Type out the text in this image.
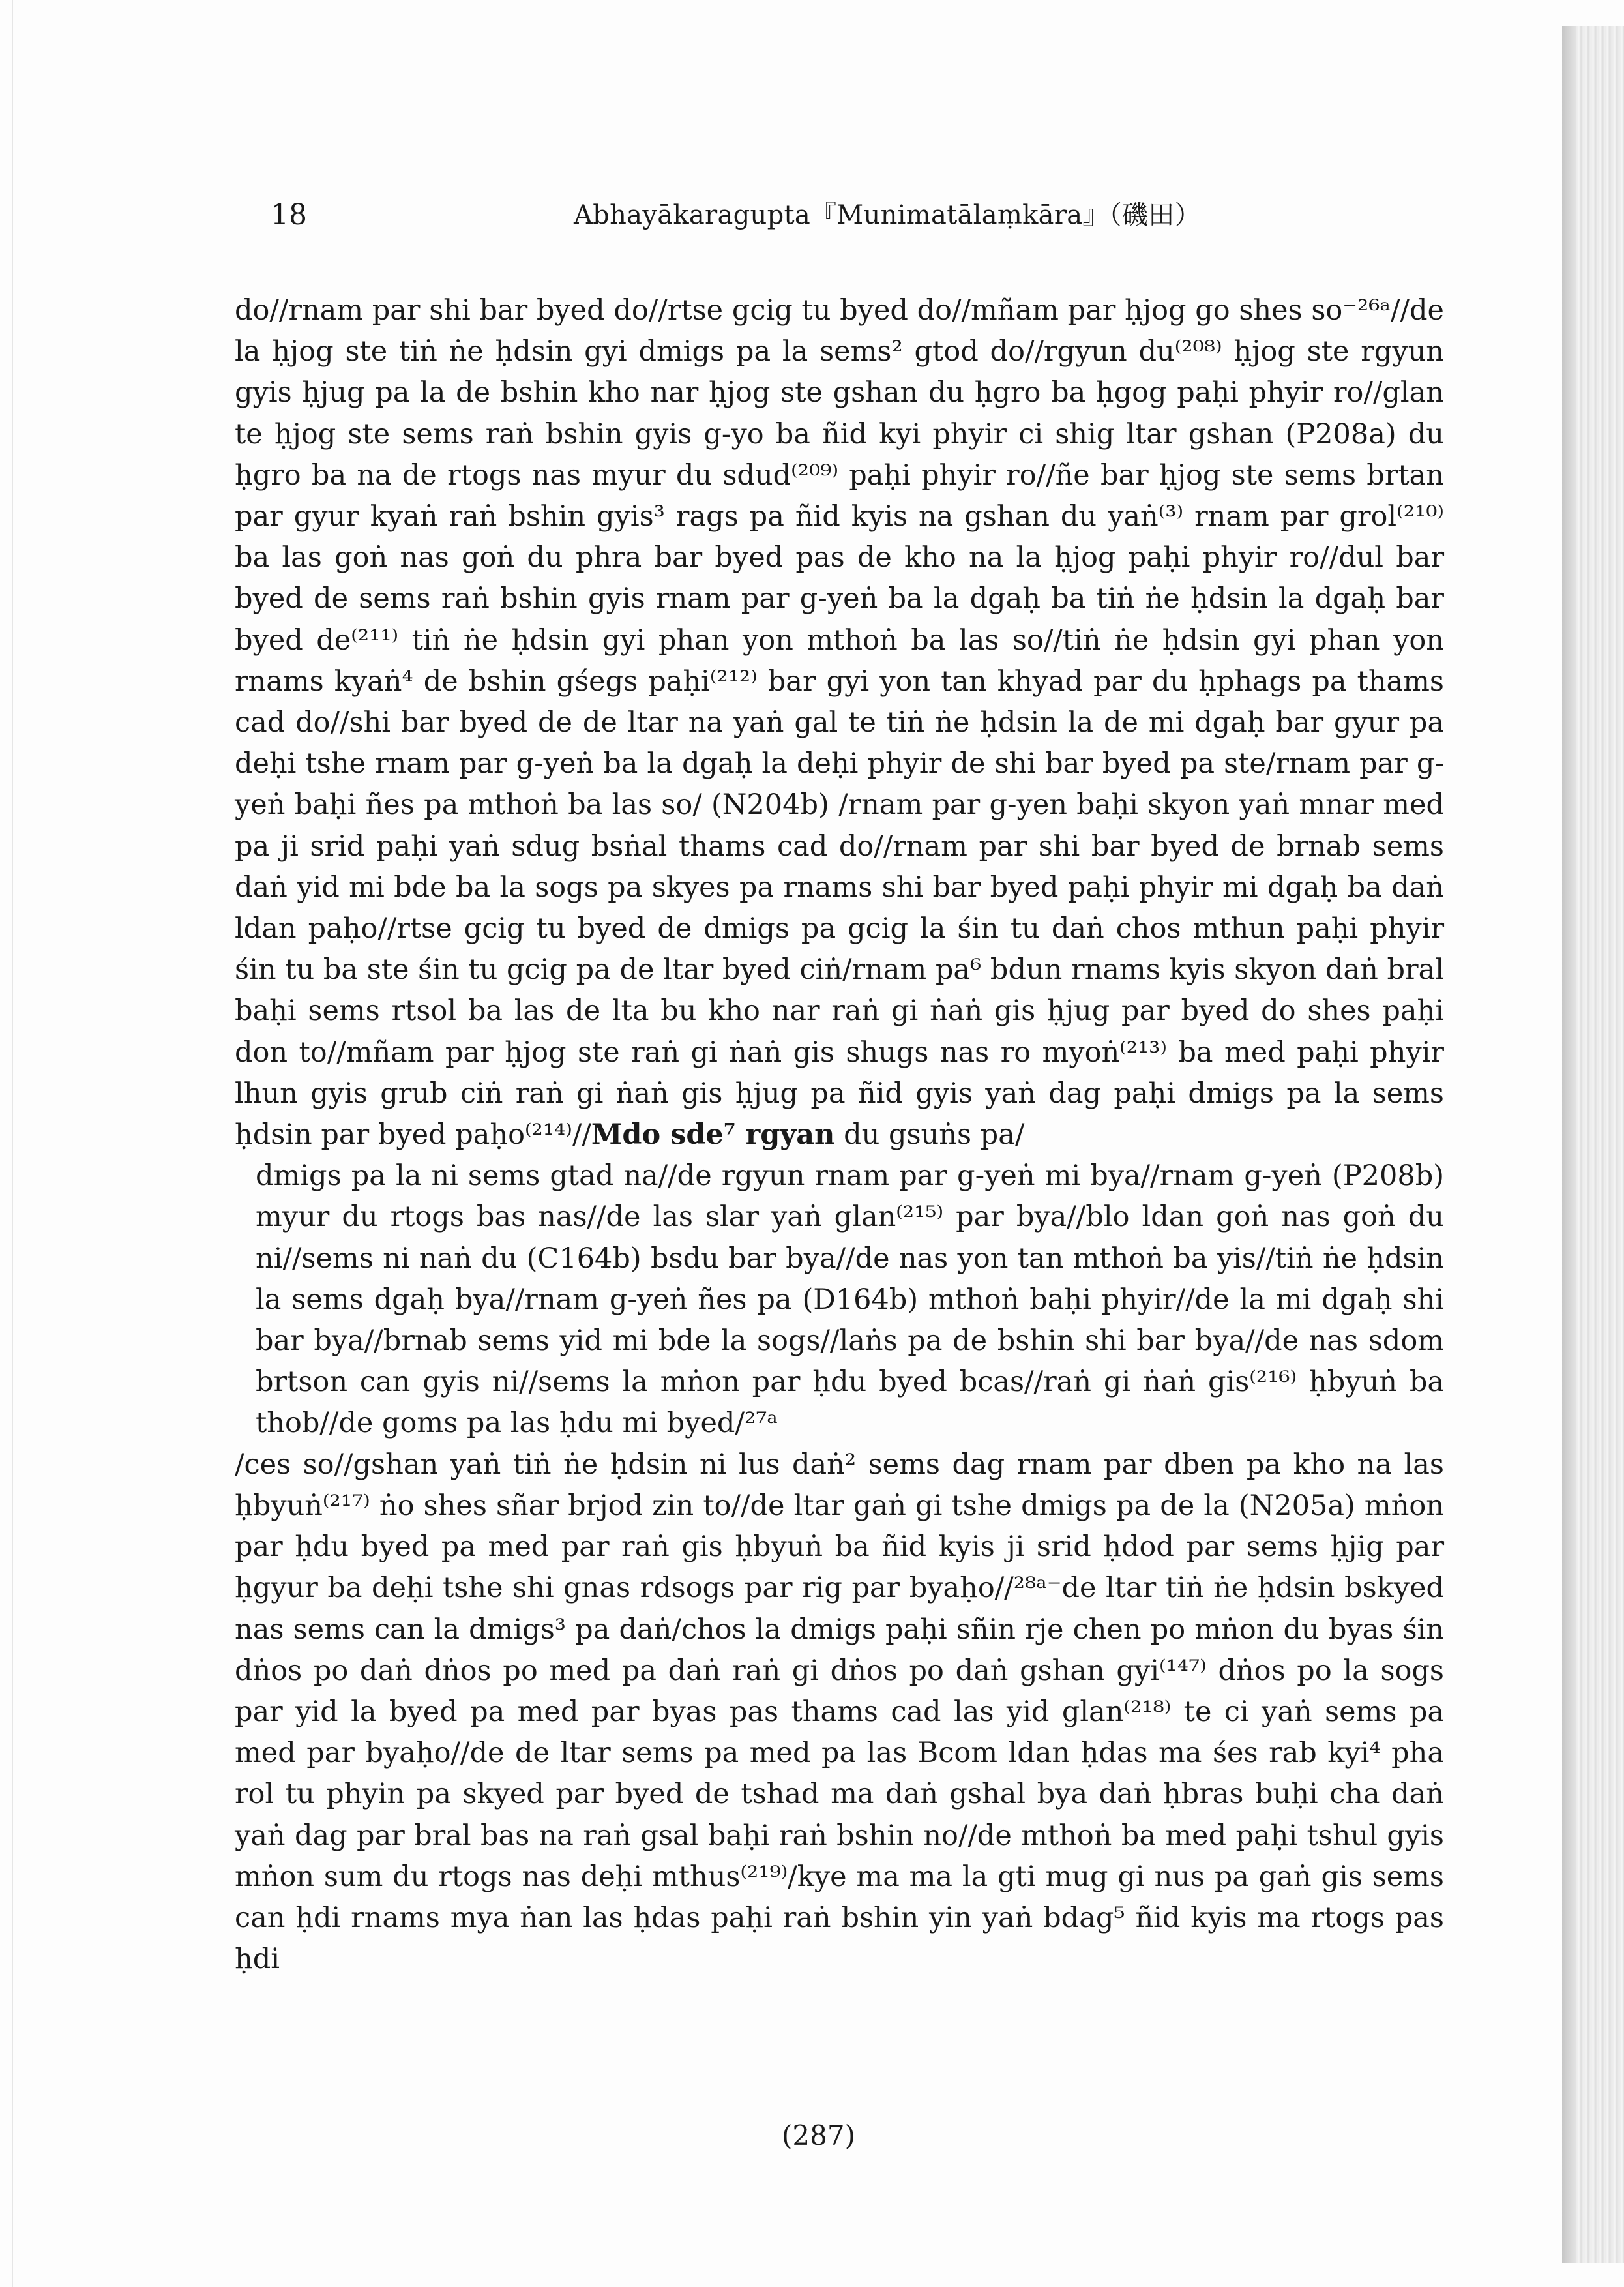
18	Abhayākaragupta『Munimatālaṃkāra』（磯田）

do//rnam par shi bar byed do//rtse gcig tu byed do//mñam par ḥjog go shes so⁻²⁶ᵃ//de la ḥjog ste tiṅ ṅe ḥdsin gyi dmigs pa la sems² gtod do//rgyun du⁽²⁰⁸⁾ ḥjog ste rgyun gyis ḥjug pa la de bshin kho nar ḥjog ste gshan du ḥgro ba ḥgog paḥi phyir ro//glan te ḥjog ste sems raṅ bshin gyis g-yo ba ñid kyi phyir ci shig ltar gshan (P208a) du ḥgro ba na de rtogs nas myur du sdud⁽²⁰⁹⁾ paḥi phyir ro//ñe bar ḥjog ste sems brtan par gyur kyaṅ raṅ bshin gyis³ rags pa ñid kyis na gshan du yaṅ⁽³⁾ rnam par grol⁽²¹⁰⁾ ba las goṅ nas goṅ du phra bar byed pas de kho na la ḥjog paḥi phyir ro//dul bar byed de sems raṅ bshin gyis rnam par g-yeṅ ba la dgaḥ ba tiṅ ṅe ḥdsin la dgaḥ bar byed de⁽²¹¹⁾ tiṅ ṅe ḥdsin gyi phan yon mthoṅ ba las so//tiṅ ṅe ḥdsin gyi phan yon rnams kyaṅ⁴ de bshin gśegs paḥi⁽²¹²⁾ bar gyi yon tan khyad par du ḥphags pa thams cad do//shi bar byed de de ltar na yaṅ gal te tiṅ ṅe ḥdsin la de mi dgaḥ bar gyur pa deḥi tshe rnam par g-yeṅ ba la dgaḥ la deḥi phyir de shi bar byed pa ste/rnam par g-yeṅ baḥi ñes pa mthoṅ ba las so/ (N204b) /rnam par g-yen baḥi skyon yaṅ mnar med pa ji srid paḥi yaṅ sdug bsṅal thams cad do//rnam par shi bar byed de brnab sems daṅ yid mi bde ba la sogs pa skyes pa rnams shi bar byed paḥi phyir mi dgaḥ ba daṅ ldan paḥo//rtse gcig tu byed de dmigs pa gcig la śin tu daṅ chos mthun paḥi phyir śin tu ba ste śin tu gcig pa de ltar byed ciṅ/rnam pa⁶ bdun rnams kyis skyon daṅ bral baḥi sems rtsol ba las de lta bu kho nar raṅ gi ṅaṅ gis ḥjug par byed do shes paḥi don to//mñam par ḥjog ste raṅ gi ṅaṅ gis shugs nas ro myoṅ⁽²¹³⁾ ba med paḥi phyir lhun gyis grub ciṅ raṅ gi ṅaṅ gis ḥjug pa ñid gyis yaṅ dag paḥi dmigs pa la sems ḥdsin par byed paḥo⁽²¹⁴⁾//Mdo sde⁷ rgyan du gsuṅs pa/

dmigs pa la ni sems gtad na//de rgyun rnam par g-yeṅ mi bya//rnam g-yeṅ (P208b) myur du rtogs bas nas//de las slar yaṅ glan⁽²¹⁵⁾ par bya//blo ldan goṅ nas goṅ du ni//sems ni naṅ du (C164b) bsdu bar bya//de nas yon tan mthoṅ ba yis//tiṅ ṅe ḥdsin la sems dgaḥ bya//rnam g-yeṅ ñes pa (D164b) mthoṅ baḥi phyir//de la mi dgaḥ shi bar bya//brnab sems yid mi bde la sogs//laṅs pa de bshin shi bar bya//de nas sdom brtson can gyis ni//sems la mṅon par ḥdu byed bcas//raṅ gi ṅaṅ gis⁽²¹⁶⁾ ḥbyuṅ ba thob//de goms pa las ḥdu mi byed/²⁷ᵃ

/ces so//gshan yaṅ tiṅ ṅe ḥdsin ni lus daṅ² sems dag rnam par dben pa kho na las ḥbyuṅ⁽²¹⁷⁾ ṅo shes sñar brjod zin to//de ltar gaṅ gi tshe dmigs pa de la (N205a) mṅon par ḥdu byed pa med par raṅ gis ḥbyuṅ ba ñid kyis ji srid ḥdod par sems ḥjig par ḥgyur ba deḥi tshe shi gnas rdsogs par rig par byaḥo//²⁸ᵃ⁻de ltar tiṅ ṅe ḥdsin bskyed nas sems can la dmigs³ pa daṅ/chos la dmigs paḥi sñin rje chen po mṅon du byas śin dṅos po daṅ dṅos po med pa daṅ raṅ gi dṅos po daṅ gshan gyi⁽¹⁴⁷⁾ dṅos po la sogs par yid la byed pa med par byas pas thams cad las yid glan⁽²¹⁸⁾ te ci yaṅ sems pa med par byaḥo//de de ltar sems pa med pa las Bcom ldan ḥdas ma śes rab kyi⁴ pha rol tu phyin pa skyed par byed de tshad ma daṅ gshal bya daṅ ḥbras buḥi cha daṅ yaṅ dag par bral bas na raṅ gsal baḥi raṅ bshin no//de mthoṅ ba med paḥi tshul gyis mṅon sum du rtogs nas deḥi mthus⁽²¹⁹⁾/kye ma ma la gti mug gi nus pa gaṅ gis sems can ḥdi rnams mya ṅan las ḥdas paḥi raṅ bshin yin yaṅ bdag⁵ ñid kyis ma rtogs pas ḥdi

(287)
